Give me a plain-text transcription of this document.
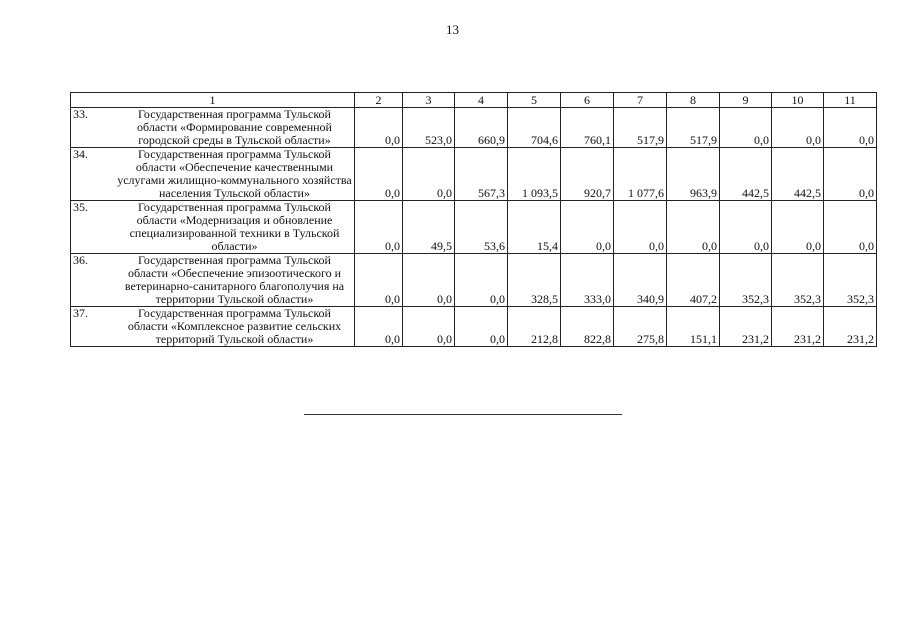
13
1	2	3	4	5	6	7	8	9	10	11

33. Государственная программа Тульской области «Формирование современной городской среды в Тульской области»	0,0	523,0	660,9	704,6	760,1	517,9	517,9	0,0	0,0	0,0

34. Государственная программа Тульской области «Обеспечение качественными услугами жилищно-коммунального хозяйства населения Тульской области»	0,0	0,0	567,3	1 093,5	920,7	1 077,6	963,9	442,5	442,5	0,0

35. Государственная программа Тульской области «Модернизация и обновление специализированной техники в Тульской области»	0,0	49,5	53,6	15,4	0,0	0,0	0,0	0,0	0,0	0,0

36. Государственная программа Тульской области «Обеспечение эпизоотического и ветеринарно-санитарного благополучия на территории Тульской области»	0,0	0,0	0,0	328,5	333,0	340,9	407,2	352,3	352,3	352,3

37. Государственная программа Тульской области «Комплексное развитие сельских территорий Тульской области»	0,0	0,0	0,0	212,8	822,8	275,8	151,1	231,2	231,2	231,2
